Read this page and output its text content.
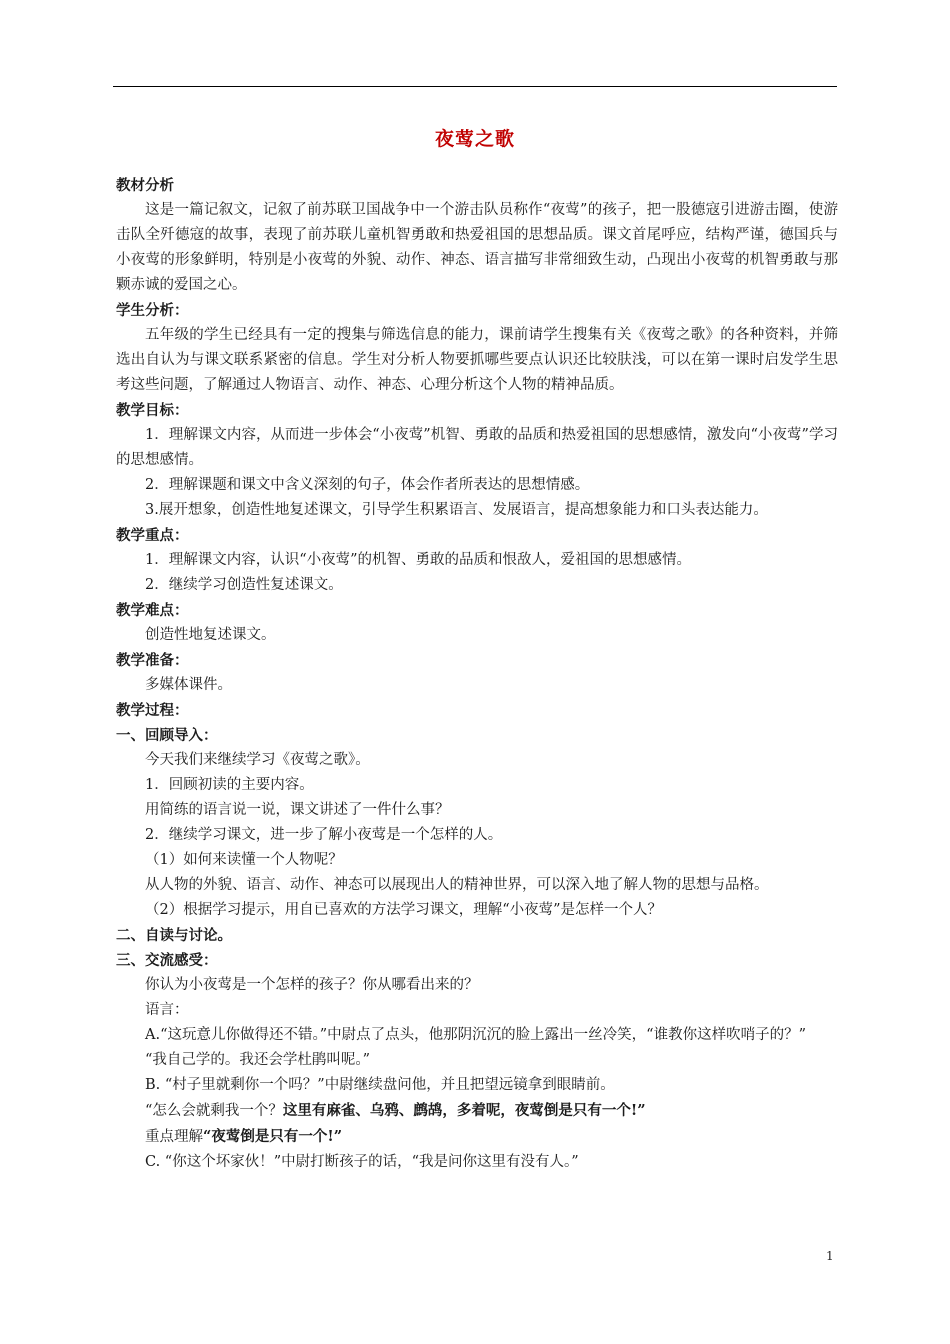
夜莺之歌

教材分析

这是一篇记叙文，记叙了前苏联卫国战争中一个游击队员称作“夜莺”的孩子，把一股德寇引进游击圈，使游击队全歼德寇的故事，表现了前苏联儿童机智勇敢和热爱祖国的思想品质。课文首尾呼应，结构严谨，德国兵与小夜莺的形象鲜明，特别是小夜莺的外貌、动作、神态、语言描写非常细致生动，凸现出小夜莺的机智勇敢与那颗赤诚的爱国之心。

学生分析：

五年级的学生已经具有一定的搜集与筛选信息的能力，课前请学生搜集有关《夜莺之歌》的各种资料，并筛选出自认为与课文联系紧密的信息。学生对分析人物要抓哪些要点认识还比较肤浅，可以在第一课时启发学生思考这些问题，了解通过人物语言、动作、神态、心理分析这个人物的精神品质。

教学目标：

1．理解课文内容，从而进一步体会“小夜莺”机智、勇敢的品质和热爱祖国的思想感情，激发向“小夜莺”学习的思想感情。

2．理解课题和课文中含义深刻的句子，体会作者所表达的思想情感。

3.展开想象，创造性地复述课文，引导学生积累语言、发展语言，提高想象能力和口头表达能力。

教学重点：

1．理解课文内容，认识“小夜莺”的机智、勇敢的品质和恨敌人，爱祖国的思想感情。

2．继续学习创造性复述课文。

教学难点：

创造性地复述课文。

教学准备：

多媒体课件。

教学过程：

一、回顾导入：

今天我们来继续学习《夜莺之歌》。

1．回顾初读的主要内容。

用简练的语言说一说，课文讲述了一件什么事？

2．继续学习课文，进一步了解小夜莺是一个怎样的人。

（1）如何来读懂一个人物呢？

从人物的外貌、语言、动作、神态可以展现出人的精神世界，可以深入地了解人物的思想与品格。

（2）根据学习提示，用自已喜欢的方法学习课文，理解“小夜莺”是怎样一个人？

二、自读与讨论。

三、交流感受：

你认为小夜莺是一个怎样的孩子？你从哪看出来的？

语言：

A.“这玩意儿你做得还不错。”中尉点了点头，他那阴沉沉的脸上露出一丝冷笑，“谁教你这样吹哨子的？”

“我自己学的。我还会学杜鹃叫呢。”

B. “村子里就剩你一个吗？”中尉继续盘问他，并且把望远镜拿到眼睛前。

“怎么会就剩我一个？这里有麻雀、乌鸦、鹧鸪，多着呢，夜莺倒是只有一个!”

重点理解“夜莺倒是只有一个!”

C. “你这个坏家伙！”中尉打断孩子的话，“我是问你这里有没有人。”

1
